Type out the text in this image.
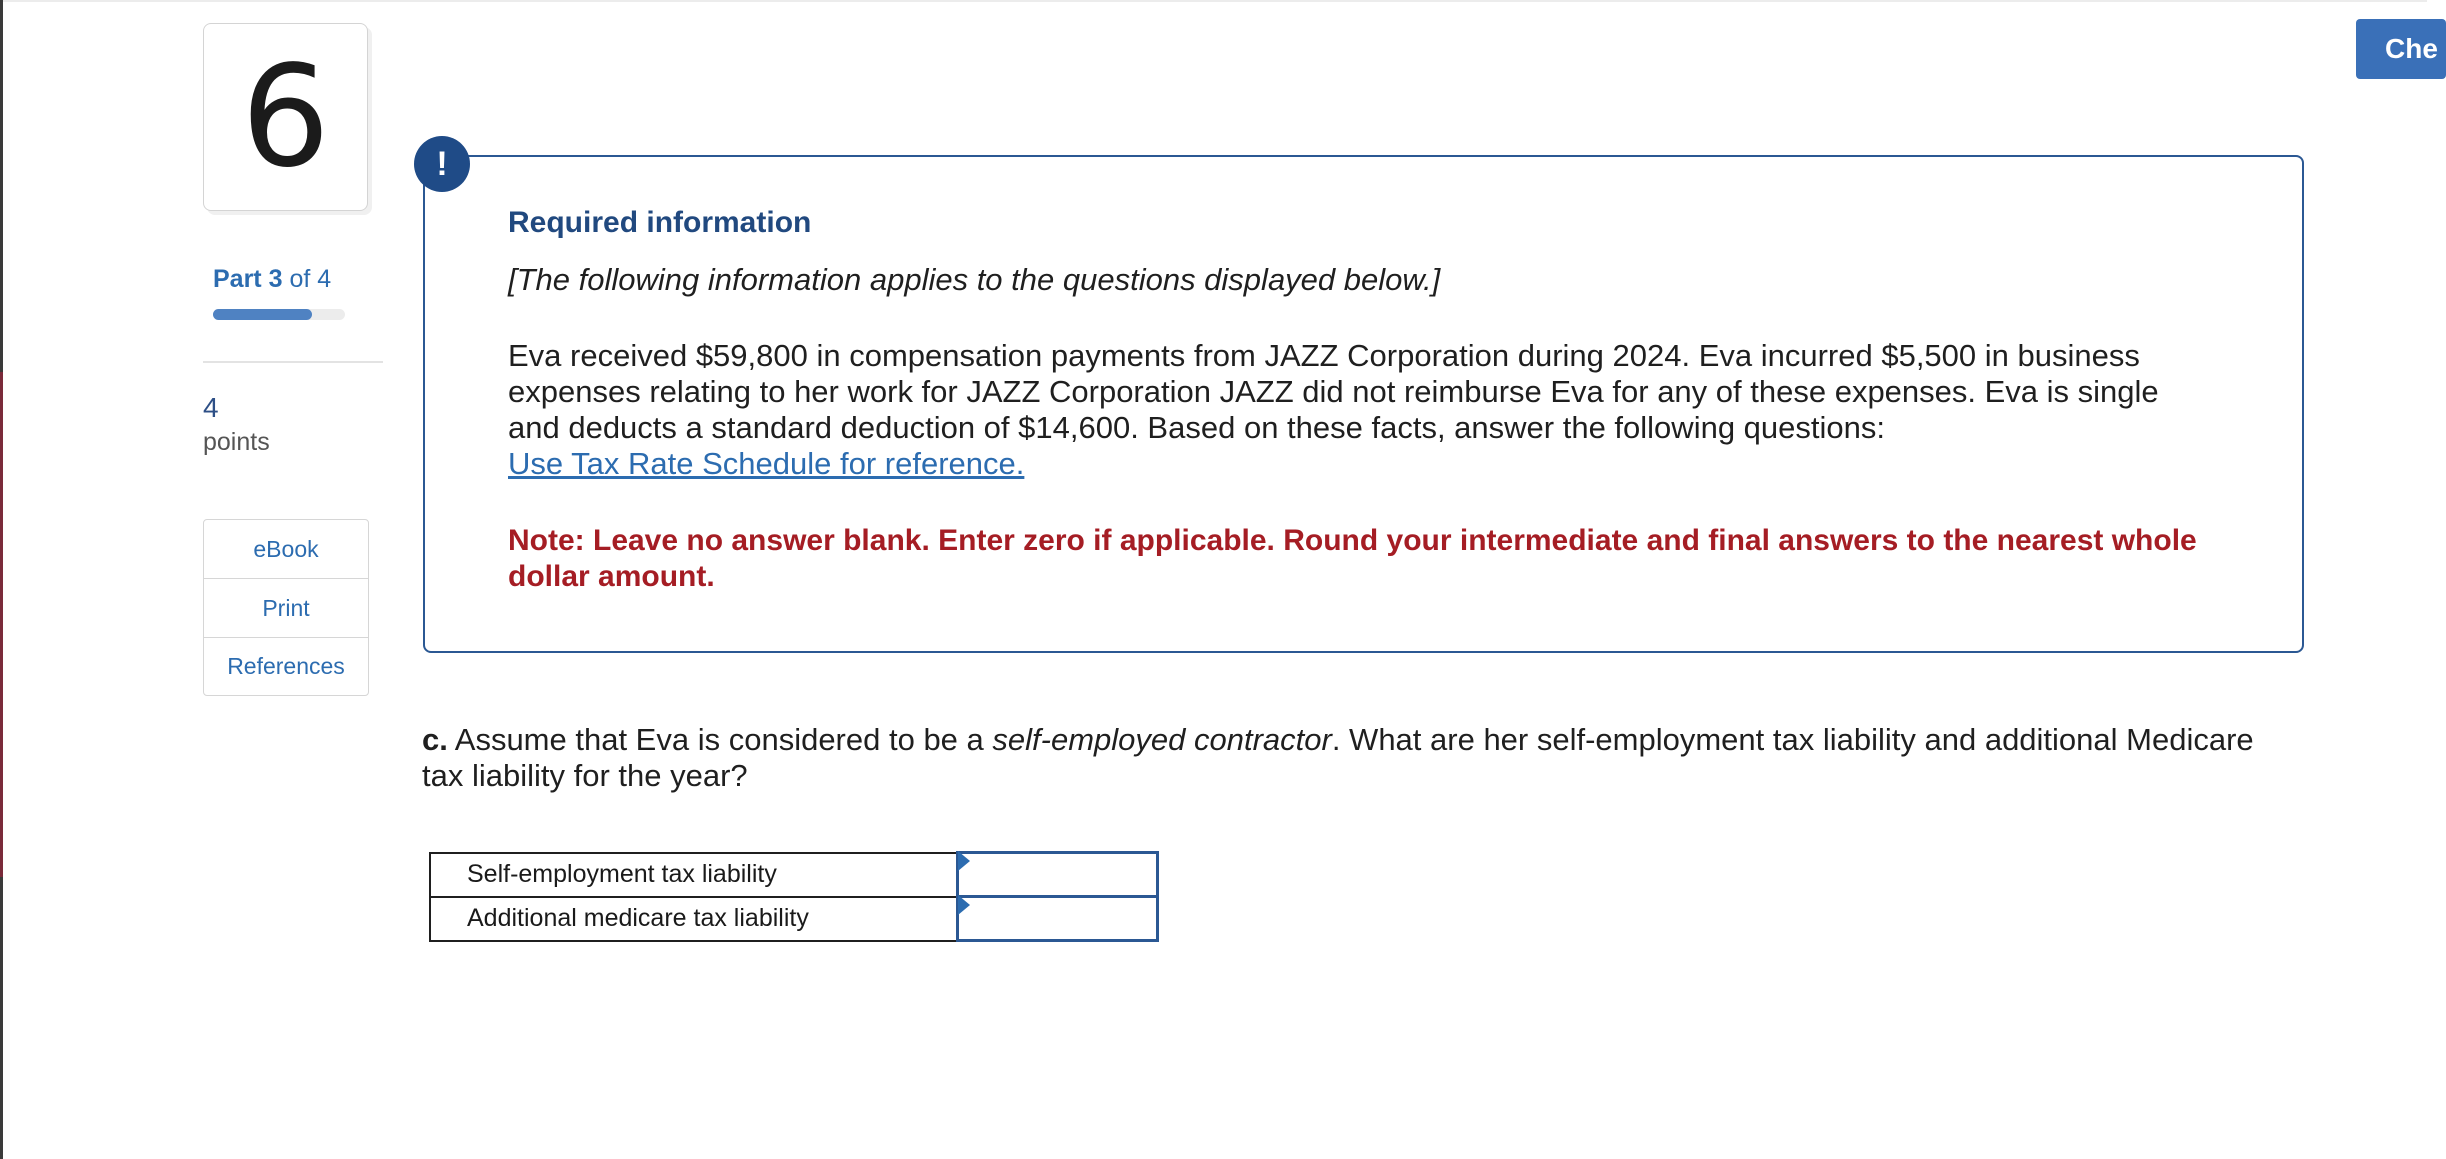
6
Part 3 of 4
4
points
eBook
Print
References
!
Required information
[The following information applies to the questions displayed below.]
Eva received $59,800 in compensation payments from JAZZ Corporation during 2024. Eva incurred $5,500 in business expenses relating to her work for JAZZ Corporation JAZZ did not reimburse Eva for any of these expenses. Eva is single and deducts a standard deduction of $14,600. Based on these facts, answer the following questions:
Use Tax Rate Schedule for reference.
Note: Leave no answer blank. Enter zero if applicable. Round your intermediate and final answers to the nearest whole dollar amount.
c. Assume that Eva is considered to be a self-employed contractor. What are her self-employment tax liability and additional Medicare tax liability for the year?
Self-employment tax liability	

Additional medicare tax liability	
Che
